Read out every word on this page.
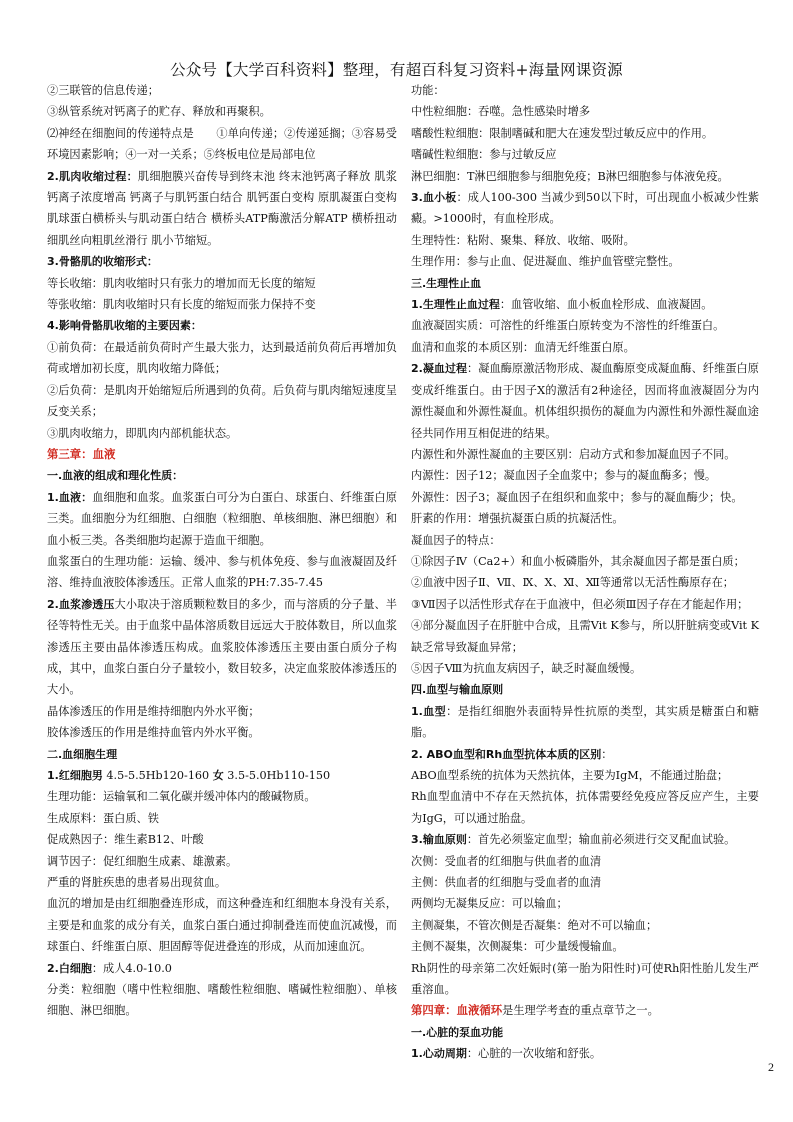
公众号【大学百科资料】整理，有超百科复习资料+海量网课资源

②三联管的信息传递；

③纵管系统对钙离子的贮存、释放和再聚积。

⑵神经在细胞间的传递特点是　　①单向传递；②传递延搁；③容易受环境因素影响；④一对一关系；⑤终板电位是局部电位

2.肌肉收缩过程：肌细胞膜兴奋传导到终末池 终末池钙离子释放 肌浆钙离子浓度增高 钙离子与肌钙蛋白结合 肌钙蛋白变构 原肌凝蛋白变构 肌球蛋白横桥头与肌动蛋白结合 横桥头ATP酶激活分解ATP 横桥扭动 细肌丝向粗肌丝滑行 肌小节缩短。

3.骨骼肌的收缩形式：

等长收缩：肌肉收缩时只有张力的增加而无长度的缩短

等张收缩：肌肉收缩时只有长度的缩短而张力保持不变

4.影响骨骼肌收缩的主要因素：

①前负荷：在最适前负荷时产生最大张力，达到最适前负荷后再增加负荷或增加初长度，肌肉收缩力降低；

②后负荷：是肌肉开始缩短后所遇到的负荷。后负荷与肌肉缩短速度呈反变关系；

③肌肉收缩力，即肌肉内部机能状态。

第三章：血液

一.血液的组成和理化性质：

1.血液：血细胞和血浆。血浆蛋白可分为白蛋白、球蛋白、纤维蛋白原三类。血细胞分为红细胞、白细胞（粒细胞、单核细胞、淋巴细胞）和血小板三类。各类细胞均起源于造血干细胞。

血浆蛋白的生理功能：运输、缓冲、参与机体免疫、参与血液凝固及纤溶、维持血液胶体渗透压。正常人血浆的PH:7.35-7.45

2.血浆渗透压大小取决于溶质颗粒数目的多少，而与溶质的分子量、半径等特性无关。由于血浆中晶体溶质数目远远大于胶体数目，所以血浆渗透压主要由晶体渗透压构成。血浆胶体渗透压主要由蛋白质分子构成，其中，血浆白蛋白分子量较小，数目较多，决定血浆胶体渗透压的大小。

晶体渗透压的作用是维持细胞内外水平衡；

胶体渗透压的作用是维持血管内外水平衡。

二.血细胞生理

1.红细胞男 4.5-5.5Hb120-160 女 3.5-5.0Hb110-150

生理功能：运输氧和二氧化碳并缓冲体内的酸碱物质。

生成原料：蛋白质、铁

促成熟因子：维生素B12、叶酸

调节因子：促红细胞生成素、雄激素。

严重的肾脏疾患的患者易出现贫血。

血沉的增加是由红细胞叠连形成，而这种叠连和红细胞本身没有关系，主要是和血浆的成分有关，血浆白蛋白通过抑制叠连而使血沉减慢，而球蛋白、纤维蛋白原、胆固醇等促进叠连的形成，从而加速血沉。

2.白细胞：成人4.0-10.0

分类：粒细胞（嗜中性粒细胞、嗜酸性粒细胞、嗜碱性粒细胞）、单核细胞、淋巴细胞。

功能：

中性粒细胞：吞噬。急性感染时增多

嗜酸性粒细胞：限制嗜碱和肥大在速发型过敏反应中的作用。

嗜碱性粒细胞：参与过敏反应

淋巴细胞：T淋巴细胞参与细胞免疫；B淋巴细胞参与体液免疫。

3.血小板：成人100-300 当减少到50以下时，可出现血小板减少性紫癜。>1000时，有血栓形成。

生理特性：粘附、聚集、释放、收缩、吸附。

生理作用：参与止血、促进凝血、维护血管壁完整性。

三.生理性止血

1.生理性止血过程：血管收缩、血小板血栓形成、血液凝固。

血液凝固实质：可溶性的纤维蛋白原转变为不溶性的纤维蛋白。

血清和血浆的本质区别：血清无纤维蛋白原。

2.凝血过程：凝血酶原激活物形成、凝血酶原变成凝血酶、纤维蛋白原变成纤维蛋白。由于因子X的激活有2种途径，因而将血液凝固分为内源性凝血和外源性凝血。机体组织损伤的凝血为内源性和外源性凝血途径共同作用互相促进的结果。

内源性和外源性凝血的主要区别：启动方式和参加凝血因子不同。

内源性：因子12；凝血因子全血浆中；参与的凝血酶多；慢。

外源性：因子3；凝血因子在组织和血浆中；参与的凝血酶少；快。

肝素的作用：增强抗凝蛋白质的抗凝活性。

凝血因子的特点：

①除因子Ⅳ（Ca2+）和血小板磷脂外，其余凝血因子都是蛋白质；

②血液中因子Ⅱ、Ⅶ、Ⅸ、Ⅹ、Ⅺ、Ⅻ等通常以无活性酶原存在；

③Ⅶ因子以活性形式存在于血液中，但必须Ⅲ因子存在才能起作用；

④部分凝血因子在肝脏中合成，且需Vit K参与，所以肝脏病变或Vit K缺乏常导致凝血异常；

⑤因子Ⅷ为抗血友病因子，缺乏时凝血缓慢。

四.血型与输血原则

1.血型：是指红细胞外表面特异性抗原的类型，其实质是糖蛋白和糖脂。

2. ABO血型和Rh血型抗体本质的区别：

ABO血型系统的抗体为天然抗体，主要为IgM，不能通过胎盘；

Rh血型血清中不存在天然抗体，抗体需要经免疫应答反应产生，主要为IgG，可以通过胎盘。

3.输血原则：首先必须鉴定血型；输血前必须进行交叉配血试验。

次侧：受血者的红细胞与供血者的血清

主侧：供血者的红细胞与受血者的血清

两侧均无凝集反应：可以输血；

主侧凝集，不管次侧是否凝集：绝对不可以输血；

主侧不凝集，次侧凝集：可少量缓慢输血。

Rh阴性的母亲第二次妊娠时(第一胎为阳性时)可使Rh阳性胎儿发生严重溶血。

第四章：血液循环是生理学考查的重点章节之一。

一.心脏的泵血功能

1.心动周期：心脏的一次收缩和舒张。

2
